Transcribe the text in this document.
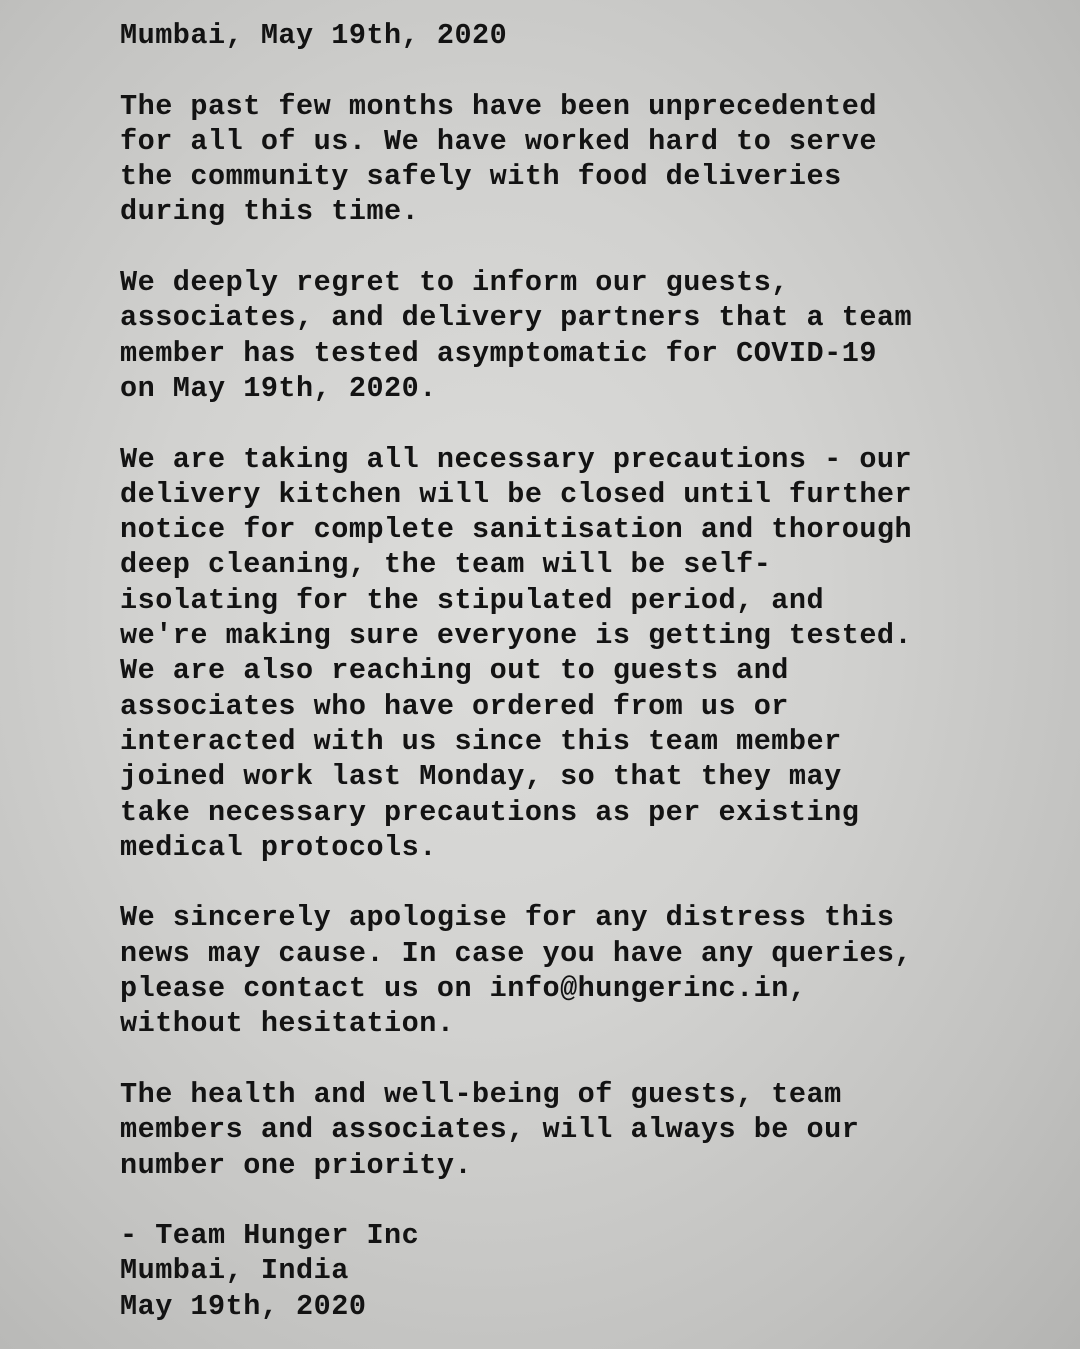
Mumbai, May 19th, 2020
The past few months have been unprecedented
for all of us. We have worked hard to serve
the community safely with food deliveries
during this time.
We deeply regret to inform our guests,
associates, and delivery partners that a team
member has tested asymptomatic for COVID-19
on May 19th, 2020.
We are taking all necessary precautions - our
delivery kitchen will be closed until further
notice for complete sanitisation and thorough
deep cleaning, the team will be self-
isolating for the stipulated period, and
we're making sure everyone is getting tested.
We are also reaching out to guests and
associates who have ordered from us or
interacted with us since this team member
joined work last Monday, so that they may
take necessary precautions as per existing
medical protocols.
We sincerely apologise for any distress this
news may cause. In case you have any queries,
please contact us on info@hungerinc.in,
without hesitation.
The health and well-being of guests, team
members and associates, will always be our
number one priority.
- Team Hunger Inc
Mumbai, India
May 19th, 2020
